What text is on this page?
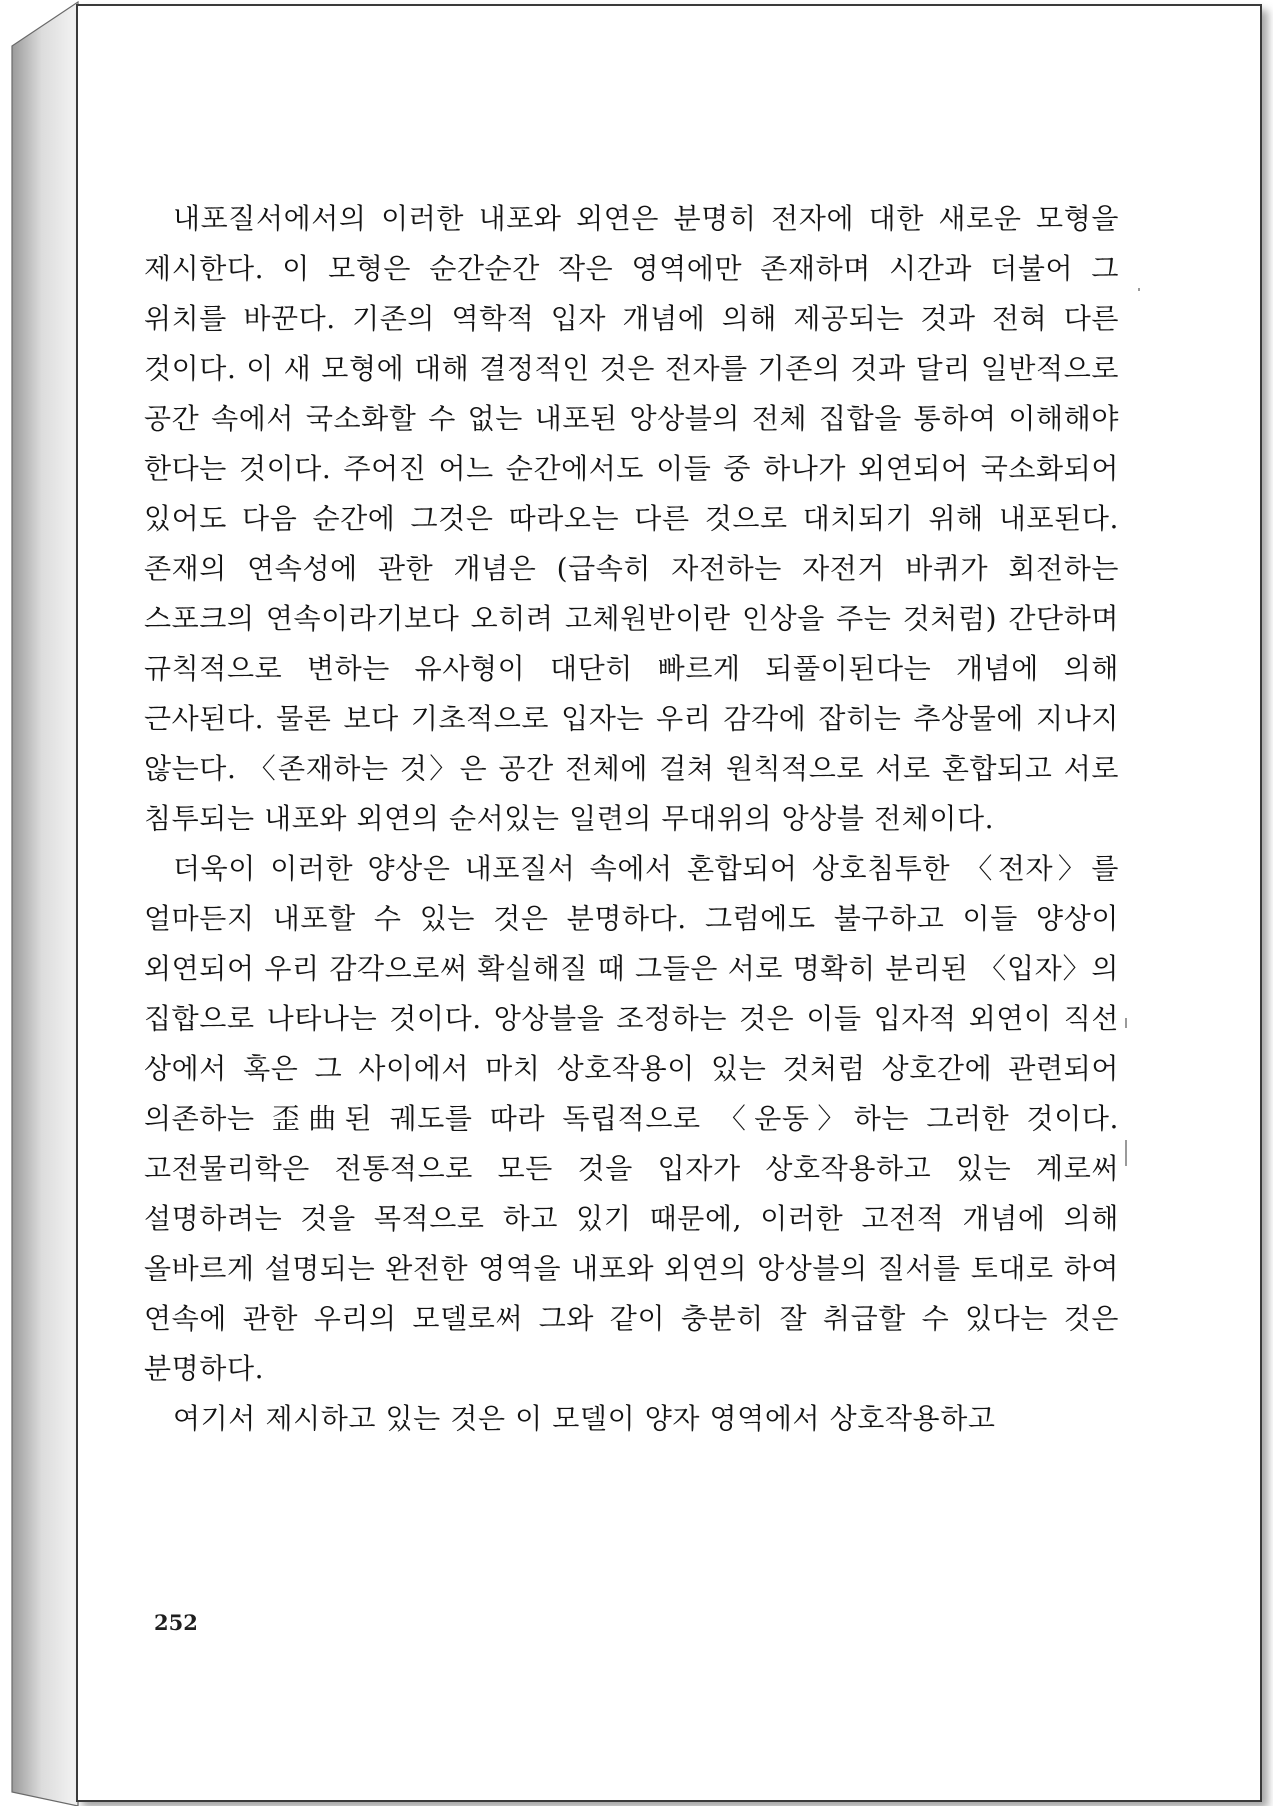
내포질서에서의 이러한 내포와 외연은 분명히 전자에 대한 새로운 모형을 제시한다. 이 모형은 순간순간 작은 영역에만 존재하며 시간과 더불어 그 위치를 바꾼다. 기존의 역학적 입자 개념에 의해 제공되는 것과 전혀 다른 것이다. 이 새 모형에 대해 결정적인 것은 전자를 기존의 것과 달리 일반적으로 공간 속에서 국소화할 수 없는 내포된 앙상블의 전체 집합을 통하여 이해해야 한다는 것이다. 주어진 어느 순간에서도 이들 중 하나가 외연되어 국소화되어 있어도 다음 순간에 그것은 따라오는 다른 것으로 대치되기 위해 내포된다. 존재의 연속성에 관한 개념은 (급속히 자전하는 자전거 바퀴가 회전하는 스포크의 연속이라기보다 오히려 고체원반이란 인상을 주는 것처럼) 간단하며 규칙적으로 변하는 유사형이 대단히 빠르게 되풀이된다는 개념에 의해 근사된다. 물론 보다 기초적으로 입자는 우리 감각에 잡히는 추상물에 지나지 않는다. 〈존재하는 것〉은 공간 전체에 걸쳐 원칙적으로 서로 혼합되고 서로 침투되는 내포와 외연의 순서있는 일련의 무대위의 앙상블 전체이다.

더욱이 이러한 양상은 내포질서 속에서 혼합되어 상호침투한 〈전자〉를 얼마든지 내포할 수 있는 것은 분명하다. 그럼에도 불구하고 이들 양상이 외연되어 우리 감각으로써 확실해질 때 그들은 서로 명확히 분리된 〈입자〉의 집합으로 나타나는 것이다. 앙상블을 조정하는 것은 이들 입자적 외연이 직선 상에서 혹은 그 사이에서 마치 상호작용이 있는 것처럼 상호간에 관련되어 의존하는 歪曲된 궤도를 따라 독립적으로 〈운동〉하는 그러한 것이다. 고전물리학은 전통적으로 모든 것을 입자가 상호작용하고 있는 계로써 설명하려는 것을 목적으로 하고 있기 때문에, 이러한 고전적 개념에 의해 올바르게 설명되는 완전한 영역을 내포와 외연의 앙상블의 질서를 토대로 하여 연속에 관한 우리의 모델로써 그와 같이 충분히 잘 취급할 수 있다는 것은 분명하다.

여기서 제시하고 있는 것은 이 모델이 양자 영역에서 상호작용하고

252
